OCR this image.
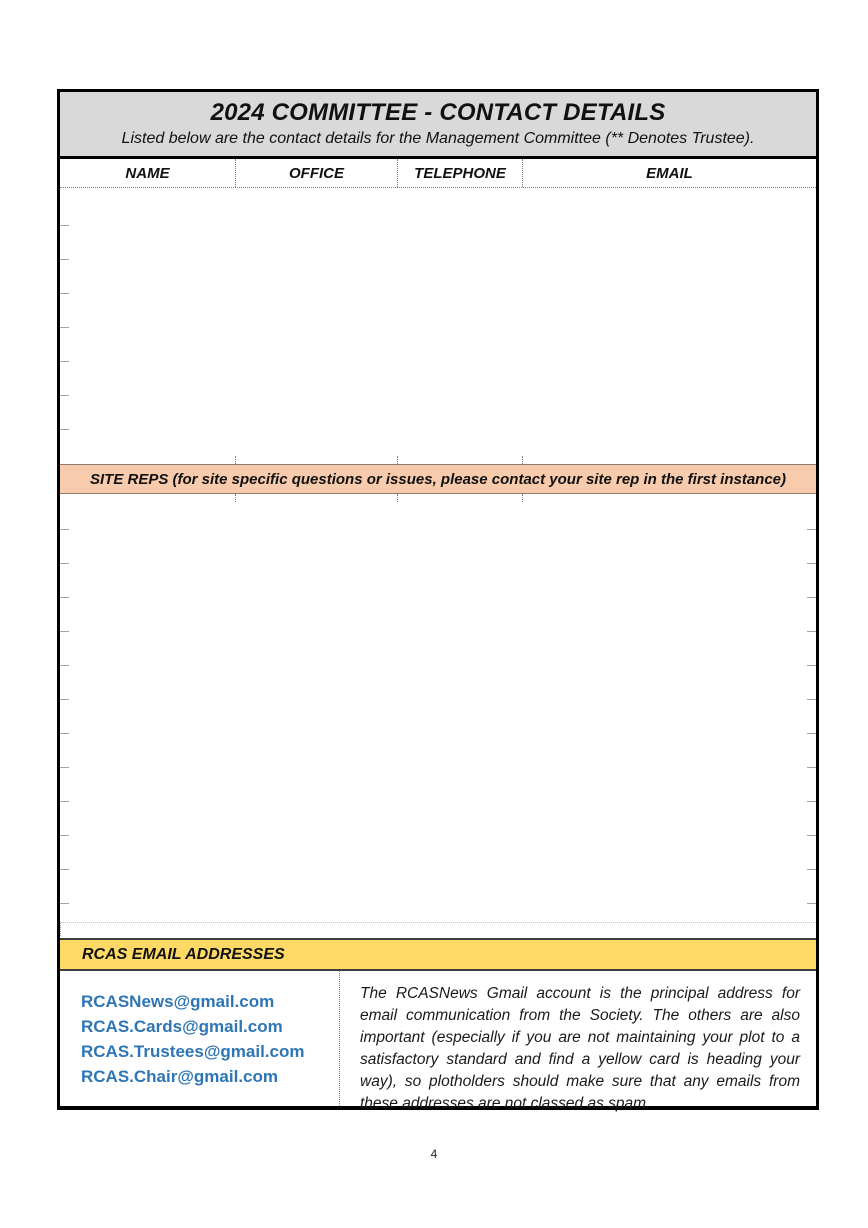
2024 COMMITTEE - CONTACT DETAILS
Listed below are the contact details for the Management Committee (** Denotes Trustee).
NAME	OFFICE	TELEPHONE	EMAIL
SITE REPS (for site specific questions or issues, please contact your site rep in the first instance)
RCAS EMAIL ADDRESSES
RCASNews@gmail.com
RCAS.Cards@gmail.com
RCAS.Trustees@gmail.com
RCAS.Chair@gmail.com
The RCASNews Gmail account is the principal address for email communication from the Society. The others are also important (especially if you are not maintaining your plot to a satisfactory standard and find a yellow card is heading your way), so plotholders should make sure that any emails from these addresses are not classed as spam.
4
